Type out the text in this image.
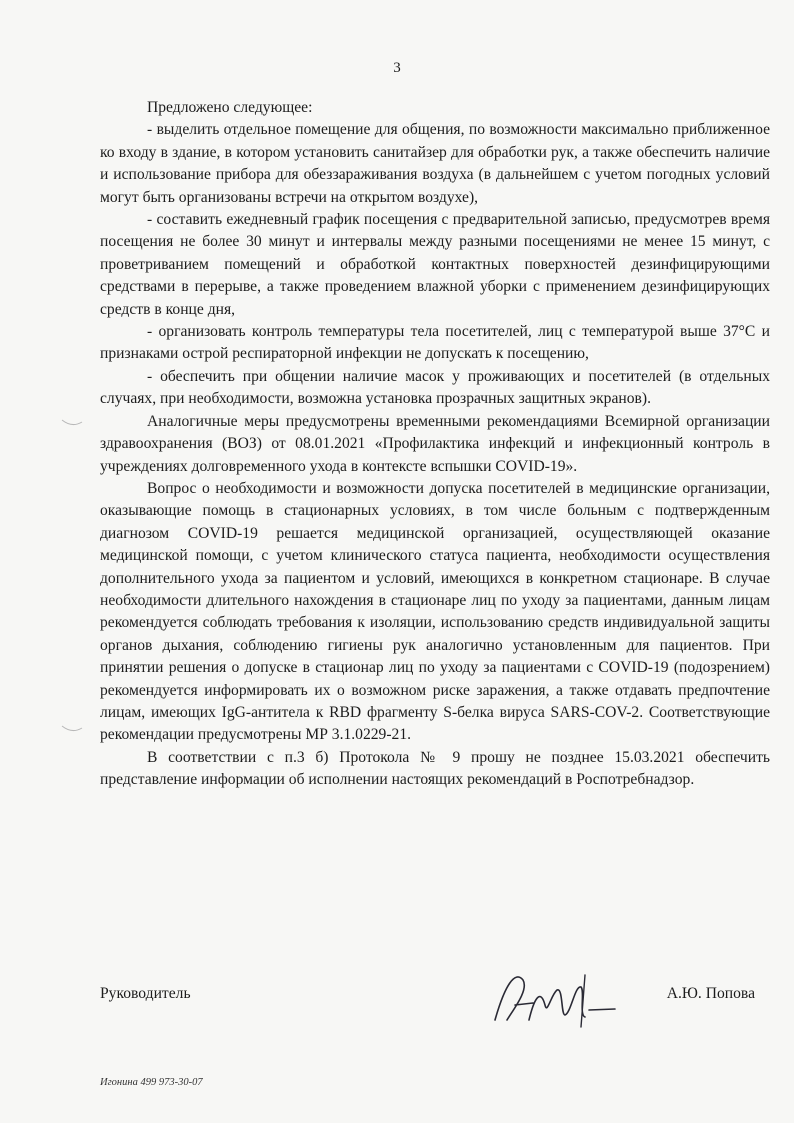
3

Предложено следующее:

- выделить отдельное помещение для общения, по возможности максимально приближенное ко входу в здание, в котором установить санитайзер для обработки рук, а также обеспечить наличие и использование прибора для обеззараживания воздуха (в дальнейшем с учетом погодных условий могут быть организованы встречи на открытом воздухе),

- составить ежедневный график посещения с предварительной записью, предусмотрев время посещения не более 30 минут и интервалы между разными посещениями не менее 15 минут, с проветриванием помещений и обработкой контактных поверхностей дезинфицирующими средствами в перерыве, а также проведением влажной уборки с применением дезинфицирующих средств в конце дня,

- организовать контроль температуры тела посетителей, лиц с температурой выше 37°С и признаками острой респираторной инфекции не допускать к посещению,

- обеспечить при общении наличие масок у проживающих и посетителей (в отдельных случаях, при необходимости, возможна установка прозрачных защитных экранов).

Аналогичные меры предусмотрены временными рекомендациями Всемирной организации здравоохранения (ВОЗ) от 08.01.2021 «Профилактика инфекций и инфекционный контроль в учреждениях долговременного ухода в контексте вспышки COVID-19».

Вопрос о необходимости и возможности допуска посетителей в медицинские организации, оказывающие помощь в стационарных условиях, в том числе больным с подтвержденным диагнозом COVID-19 решается медицинской организацией, осуществляющей оказание медицинской помощи, с учетом клинического статуса пациента, необходимости осуществления дополнительного ухода за пациентом и условий, имеющихся в конкретном стационаре. В случае необходимости длительного нахождения в стационаре лиц по уходу за пациентами, данным лицам рекомендуется соблюдать требования к изоляции, использованию средств индивидуальной защиты органов дыхания, соблюдению гигиены рук аналогично установленным для пациентов. При принятии решения о допуске в стационар лиц по уходу за пациентами с COVID-19 (подозрением) рекомендуется информировать их о возможном риске заражения, а также отдавать предпочтение лицам, имеющих IgG-антитела к RBD фрагменту S-белка вируса SARS-COV-2. Соответствующие рекомендации предусмотрены МР 3.1.0229-21.

В соответствии с п.3 б) Протокола № 9 прошу не позднее 15.03.2021 обеспечить представление информации об исполнении настоящих рекомендаций в Роспотребнадзор.

Руководитель	А.Ю. Попова
Игонина 499 973-30-07
